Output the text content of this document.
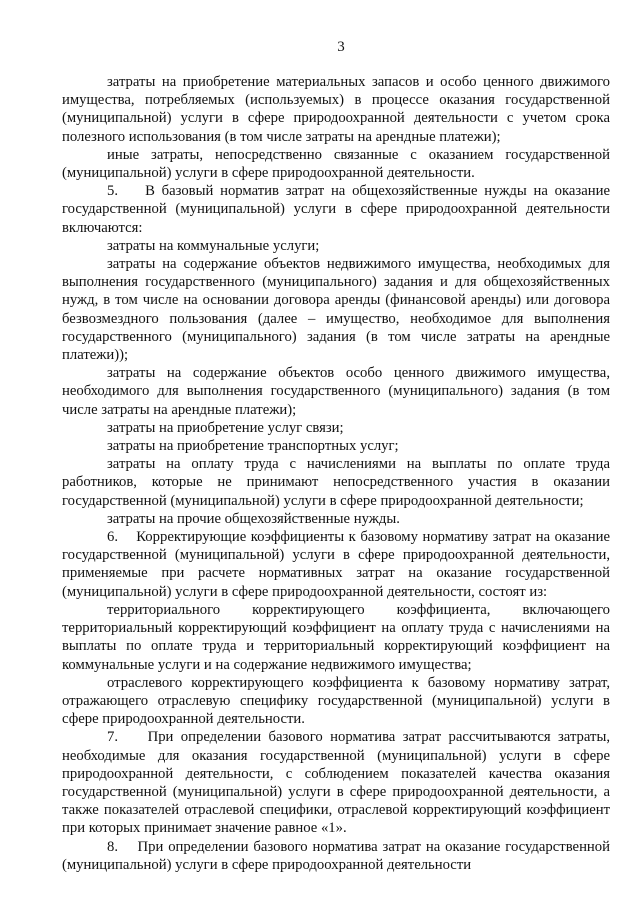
3

затраты на приобретение материальных запасов и особо ценного движимого имущества, потребляемых (используемых) в процессе оказания государственной (муниципальной) услуги в сфере природоохранной деятельности с учетом срока полезного использования (в том числе затраты на арендные платежи);

иные затраты, непосредственно связанные с оказанием государственной (муниципальной) услуги в сфере природоохранной деятельности.

5.    В базовый норматив затрат на общехозяйственные нужды на оказание государственной (муниципальной) услуги в сфере природоохранной деятельности включаются:

затраты на коммунальные услуги;

затраты на содержание объектов недвижимого имущества, необходимых для выполнения государственного (муниципального) задания и для общехозяйственных нужд, в том числе на основании договора аренды (финансовой аренды) или договора безвозмездного пользования (далее – имущество, необходимое для выполнения государственного (муниципального) задания (в том числе затраты на арендные платежи));

затраты на содержание объектов особо ценного движимого имущества, необходимого для выполнения государственного (муниципального) задания (в том числе затраты на арендные платежи);

затраты на приобретение услуг связи;

затраты на приобретение транспортных услуг;

затраты на оплату труда с начислениями на выплаты по оплате труда работников, которые не принимают непосредственного участия в оказании государственной (муниципальной) услуги в сфере природоохранной деятельности;

затраты на прочие общехозяйственные нужды.

6.    Корректирующие коэффициенты к базовому нормативу затрат на оказание государственной (муниципальной) услуги в сфере природоохранной деятельности, применяемые при расчете нормативных затрат на оказание государственной (муниципальной) услуги в сфере природоохранной деятельности, состоят из:

территориального корректирующего коэффициента, включающего территориальный корректирующий коэффициент на оплату труда с начислениями на выплаты по оплате труда и территориальный корректирующий коэффициент на коммунальные услуги и на содержание недвижимого имущества;

отраслевого корректирующего коэффициента к базовому нормативу затрат, отражающего отраслевую специфику государственной (муниципальной) услуги в сфере природоохранной деятельности.

7.    При определении базового норматива затрат рассчитываются затраты, необходимые для оказания государственной (муниципальной) услуги в сфере природоохранной деятельности, с соблюдением показателей качества оказания государственной (муниципальной) услуги в сфере природоохранной деятельности, а также показателей отраслевой специфики, отраслевой корректирующий коэффициент при которых принимает значение равное «1».

8.    При определении базового норматива затрат на оказание государственной (муниципальной) услуги в сфере природоохранной деятельности
